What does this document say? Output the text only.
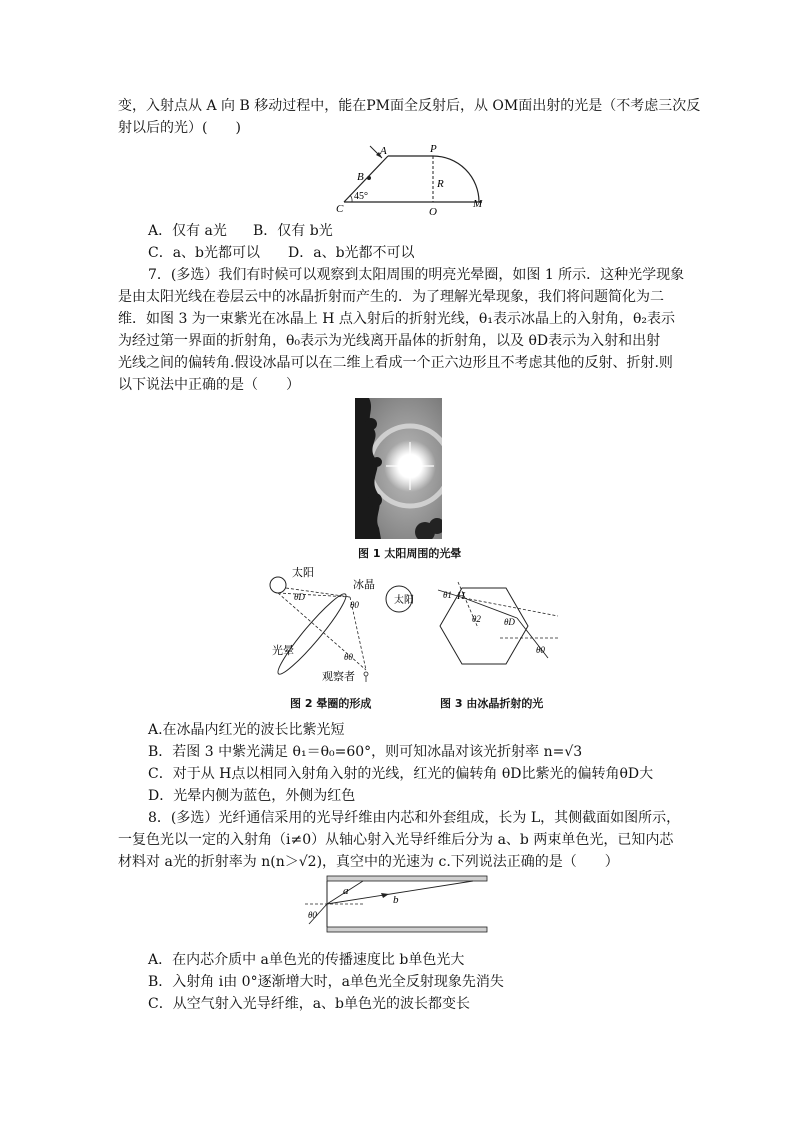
变，入射点从 A 向 B 移动过程中，能在PM面全反射后，从 OM面出射的光是（不考虑三次反
射以后的光）(　　)
A	P
B
C
45°
R
O
M
A．仅有 a光 B．仅有 b光
C．a、b光都可以 D．a、b光都不可以
7．(多选）我们有时候可以观察到太阳周围的明亮光晕圈，如图 1 所示．这种光学现象
是由太阳光线在卷层云中的冰晶折射而产生的．为了理解光晕现象，我们将问题简化为二
维．如图 3 为一束紫光在冰晶上 H 点入射后的折射光线，θ₁表示冰晶上的入射角，θ₂表示
为经过第一界面的折射角，θ₀表示为光线离开晶体的折射角，以及 θD表示为入射和出射
光线之间的偏转角.假设冰晶可以在二维上看成一个正六边形且不考虑其他的反射、折射.则
以下说法中正确的是（　　）
图 1 太阳周围的光晕
太阳
冰晶
θD
θ0
θ0
光晕
观察者
图 2 晕圈的形成
太阳	θ1 H
θ2	θD
θ0
图 3 由冰晶折射的光
A.在冰晶内红光的波长比紫光短
B．若图 3 中紫光满足 θ₁＝θ₀=60°，则可知冰晶对该光折射率 n=√3
C．对于从 H点以相同入射角入射的光线，红光的偏转角 θD比紫光的偏转角θD大
D．光晕内侧为蓝色，外侧为红色
8．(多选）光纤通信采用的光导纤维由内芯和外套组成，长为 L，其侧截面如图所示，
一复色光以一定的入射角（i≠0）从轴心射入光导纤维后分为 a、b 两束单色光，已知内芯
材料对 a光的折射率为 n(n＞√2)，真空中的光速为 c.下列说法正确的是（　　）
a
b
θ0
A．在内芯介质中 a单色光的传播速度比 b单色光大
B．入射角 i由 0°逐渐增大时，a单色光全反射现象先消失
C．从空气射入光导纤维，a、b单色光的波长都变长
